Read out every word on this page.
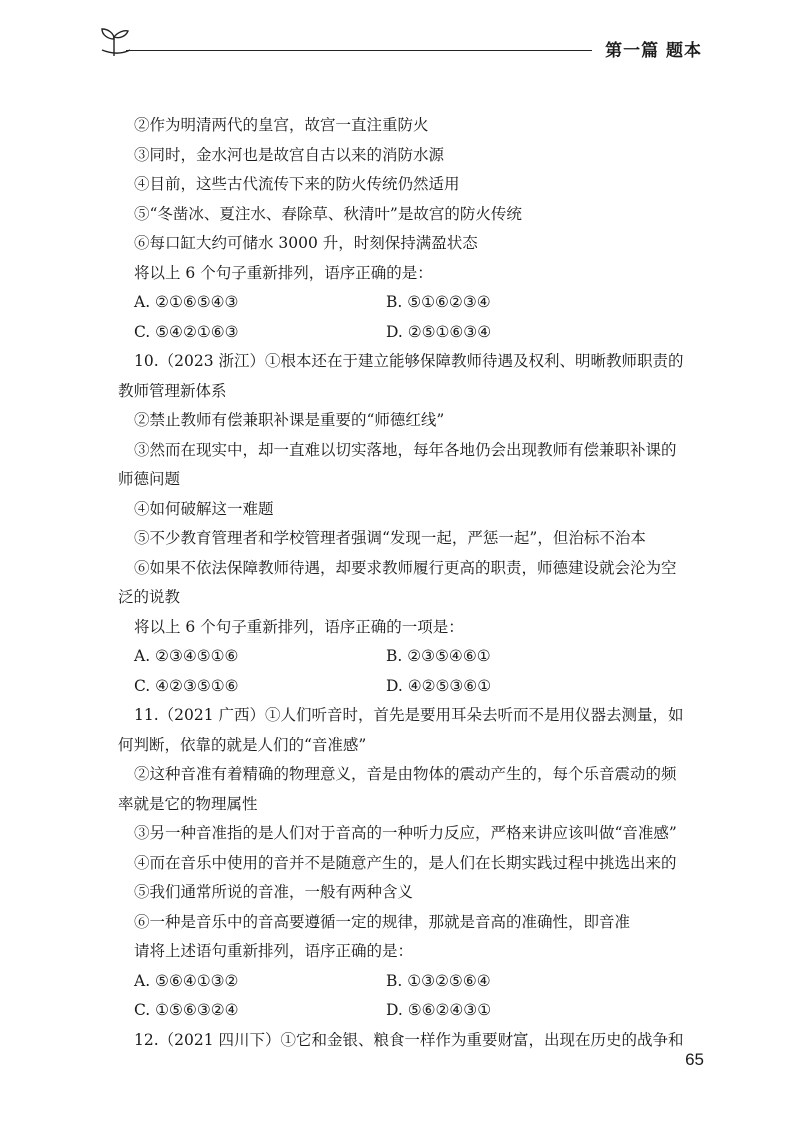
第一篇 题本

②作为明清两代的皇宫，故宫一直注重防火

③同时，金水河也是故宫自古以来的消防水源

④目前，这些古代流传下来的防火传统仍然适用

⑤“冬凿冰、夏注水、春除草、秋清叶”是故宫的防火传统

⑥每口缸大约可储水 3000 升，时刻保持满盈状态

将以上 6 个句子重新排列，语序正确的是：

A. ②①⑥⑤④③	B. ⑤①⑥②③④
C. ⑤④②①⑥③	D. ②⑤①⑥③④

10.（2023 浙江）①根本还在于建立能够保障教师待遇及权利、明晰教师职责的

教师管理新体系

②禁止教师有偿兼职补课是重要的“师德红线”

③然而在现实中，却一直难以切实落地，每年各地仍会出现教师有偿兼职补课的

师德问题

④如何破解这一难题

⑤不少教育管理者和学校管理者强调“发现一起，严惩一起”，但治标不治本

⑥如果不依法保障教师待遇，却要求教师履行更高的职责，师德建设就会沦为空

泛的说教

将以上 6 个句子重新排列，语序正确的一项是：

A. ②③④⑤①⑥	B. ②③⑤④⑥①
C. ④②③⑤①⑥	D. ④②⑤③⑥①

11.（2021 广西）①人们听音时，首先是要用耳朵去听而不是用仪器去测量，如

何判断，依靠的就是人们的“音准感”

②这种音准有着精确的物理意义，音是由物体的震动产生的，每个乐音震动的频

率就是它的物理属性

③另一种音准指的是人们对于音高的一种听力反应，严格来讲应该叫做“音准感”

④而在音乐中使用的音并不是随意产生的，是人们在长期实践过程中挑选出来的

⑤我们通常所说的音准，一般有两种含义

⑥一种是音乐中的音高要遵循一定的规律，那就是音高的准确性，即音准

请将上述语句重新排列，语序正确的是：

A. ⑤⑥④①③②	B. ①③②⑤⑥④
C. ①⑤⑥③②④	D. ⑤⑥②④③①

12.（2021 四川下）①它和金银、粮食一样作为重要财富，出现在历史的战争和

65
